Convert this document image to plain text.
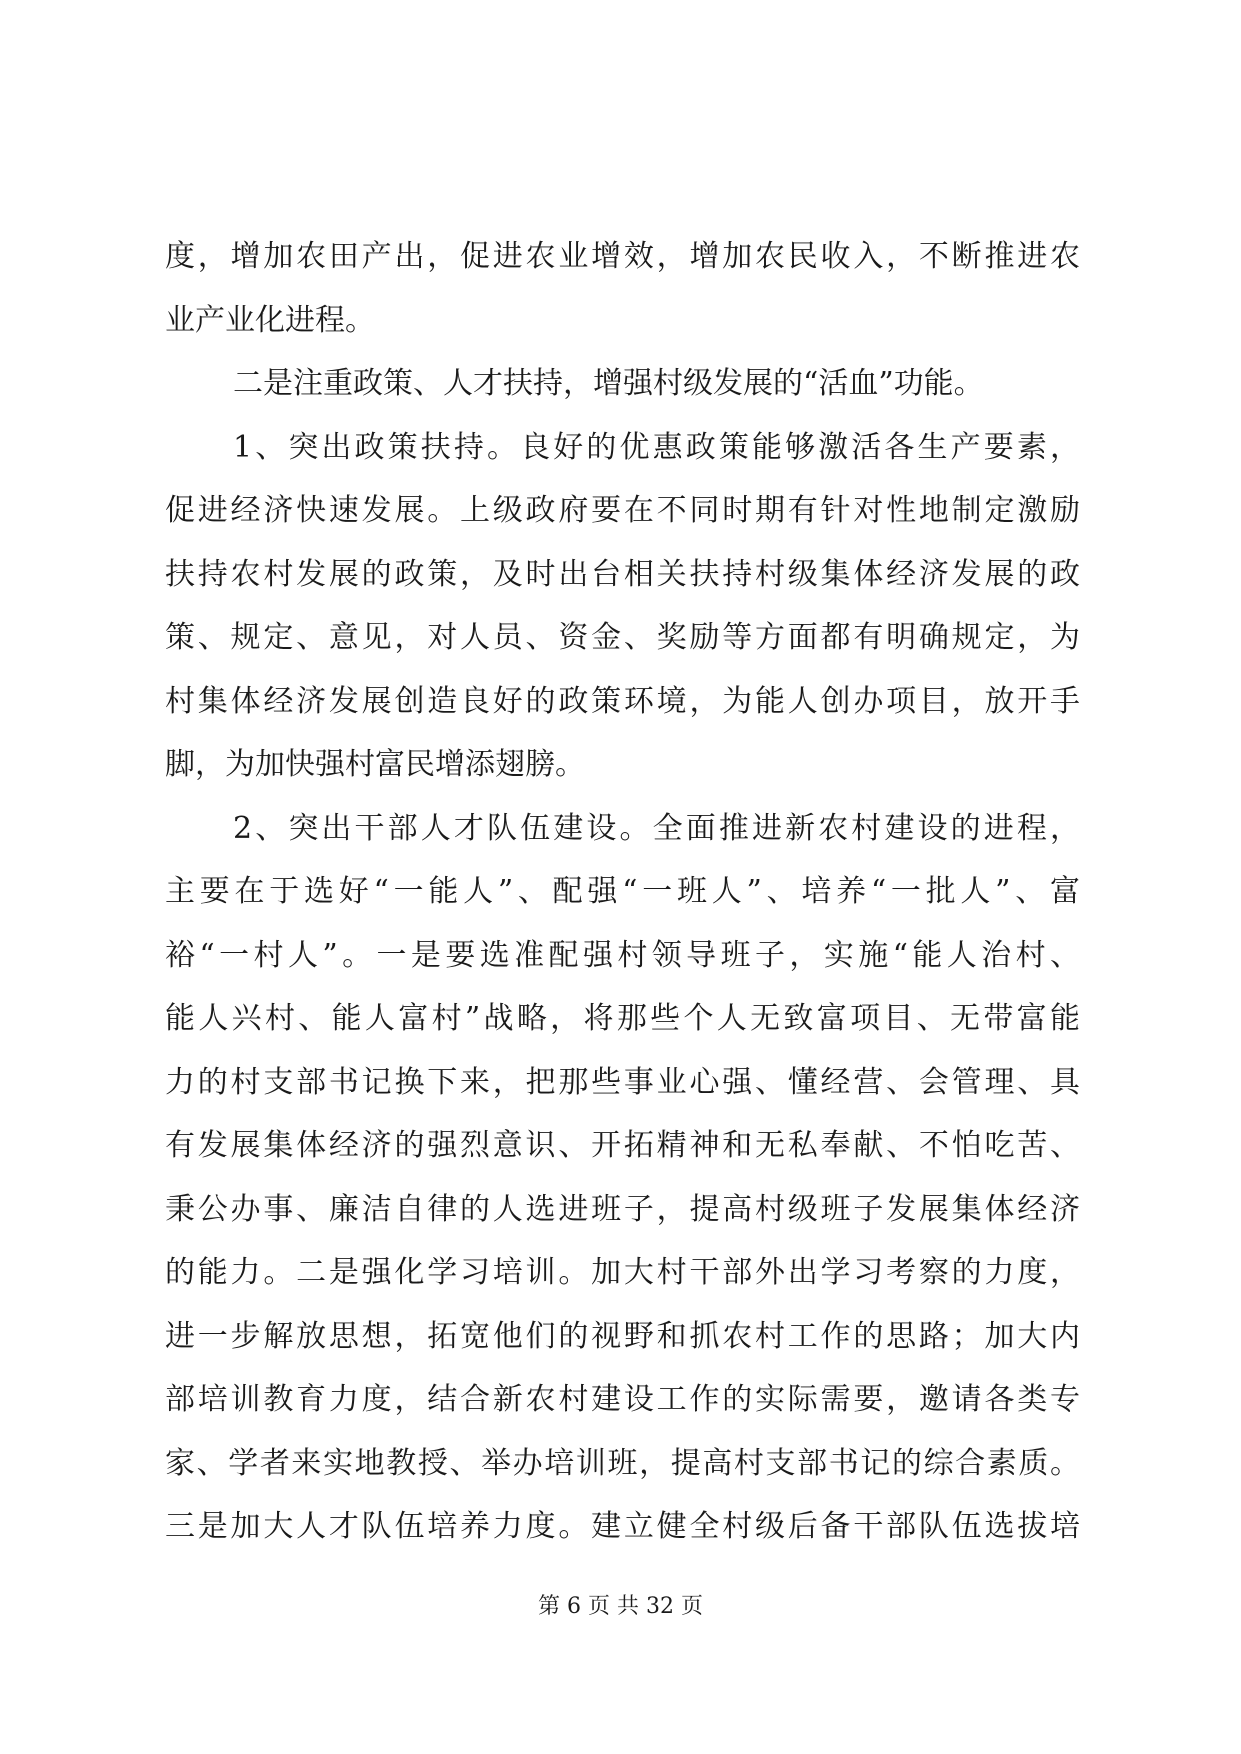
度，增加农田产出，促进农业增效，增加农民收入，不断推进农
业产业化进程。
二是注重政策、人才扶持，增强村级发展的“活血”功能。
1、突出政策扶持。良好的优惠政策能够激活各生产要素，
促进经济快速发展。上级政府要在不同时期有针对性地制定激励
扶持农村发展的政策，及时出台相关扶持村级集体经济发展的政
策、规定、意见，对人员、资金、奖励等方面都有明确规定，为
村集体经济发展创造良好的政策环境，为能人创办项目，放开手
脚，为加快强村富民增添翅膀。
2、突出干部人才队伍建设。全面推进新农村建设的进程，
主要在于选好“一能人”、配强“一班人”、培养“一批人”、富
裕“一村人”。一是要选准配强村领导班子，实施“能人治村、
能人兴村、能人富村”战略，将那些个人无致富项目、无带富能
力的村支部书记换下来，把那些事业心强、懂经营、会管理、具
有发展集体经济的强烈意识、开拓精神和无私奉献、不怕吃苦、
秉公办事、廉洁自律的人选进班子，提高村级班子发展集体经济
的能力。二是强化学习培训。加大村干部外出学习考察的力度，
进一步解放思想，拓宽他们的视野和抓农村工作的思路；加大内
部培训教育力度，结合新农村建设工作的实际需要，邀请各类专
家、学者来实地教授、举办培训班，提高村支部书记的综合素质。
三是加大人才队伍培养力度。建立健全村级后备干部队伍选拔培
第 6 页 共 32 页
